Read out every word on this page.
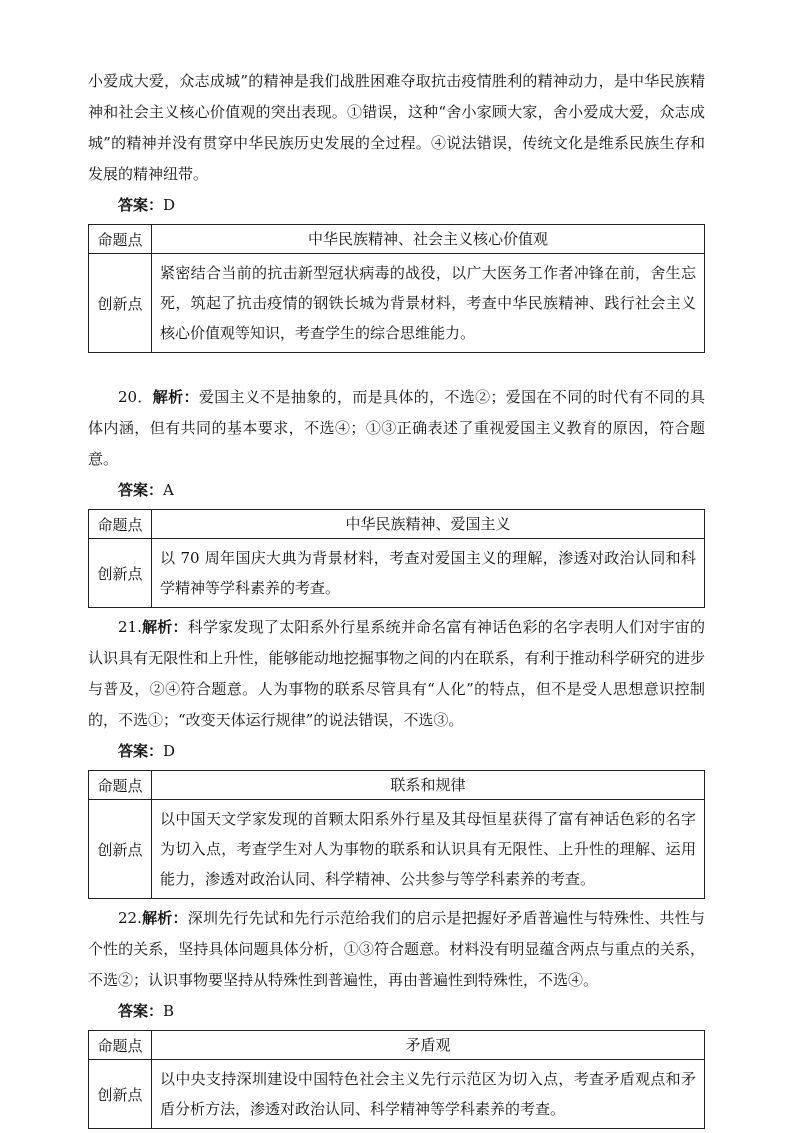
小爱成大爱，众志成城”的精神是我们战胜困难夺取抗击疫情胜利的精神动力，是中华民族精神和社会主义核心价值观的突出表现。①错误，这种“舍小家顾大家，舍小爱成大爱，众志成城”的精神并没有贯穿中华民族历史发展的全过程。④说法错误，传统文化是维系民族生存和发展的精神纽带。

答案：D

命题点	中华民族精神、社会主义核心价值观
创新点	紧密结合当前的抗击新型冠状病毒的战役，以广大医务工作者冲锋在前，舍生忘死，筑起了抗击疫情的钢铁长城为背景材料，考查中华民族精神、践行社会主义核心价值观等知识，考查学生的综合思维能力。

20．解析：爱国主义不是抽象的，而是具体的，不选②；爱国在不同的时代有不同的具体内涵，但有共同的基本要求，不选④；①③正确表述了重视爱国主义教育的原因，符合题意。

答案：A

命题点	中华民族精神、爱国主义
创新点	以 70 周年国庆大典为背景材料，考查对爱国主义的理解，渗透对政治认同和科学精神等学科素养的考查。

21.解析：科学家发现了太阳系外行星系统并命名富有神话色彩的名字表明人们对宇宙的认识具有无限性和上升性，能够能动地挖掘事物之间的内在联系，有利于推动科学研究的进步与普及，②④符合题意。人为事物的联系尽管具有“人化”的特点，但不是受人思想意识控制的，不选①；“改变天体运行规律”的说法错误，不选③。

答案：D

命题点	联系和规律
创新点	以中国天文学家发现的首颗太阳系外行星及其母恒星获得了富有神话色彩的名字为切入点，考查学生对人为事物的联系和认识具有无限性、上升性的理解、运用能力，渗透对政治认同、科学精神、公共参与等学科素养的考查。

22.解析：深圳先行先试和先行示范给我们的启示是把握好矛盾普遍性与特殊性、共性与个性的关系，坚持具体问题具体分析，①③符合题意。材料没有明显蕴含两点与重点的关系，不选②；认识事物要坚持从特殊性到普遍性，再由普遍性到特殊性，不选④。

答案：B

命题点	矛盾观
创新点	以中央支持深圳建设中国特色社会主义先行示范区为切入点，考查矛盾观点和矛盾分析方法，渗透对政治认同、科学精神等学科素养的考查。
